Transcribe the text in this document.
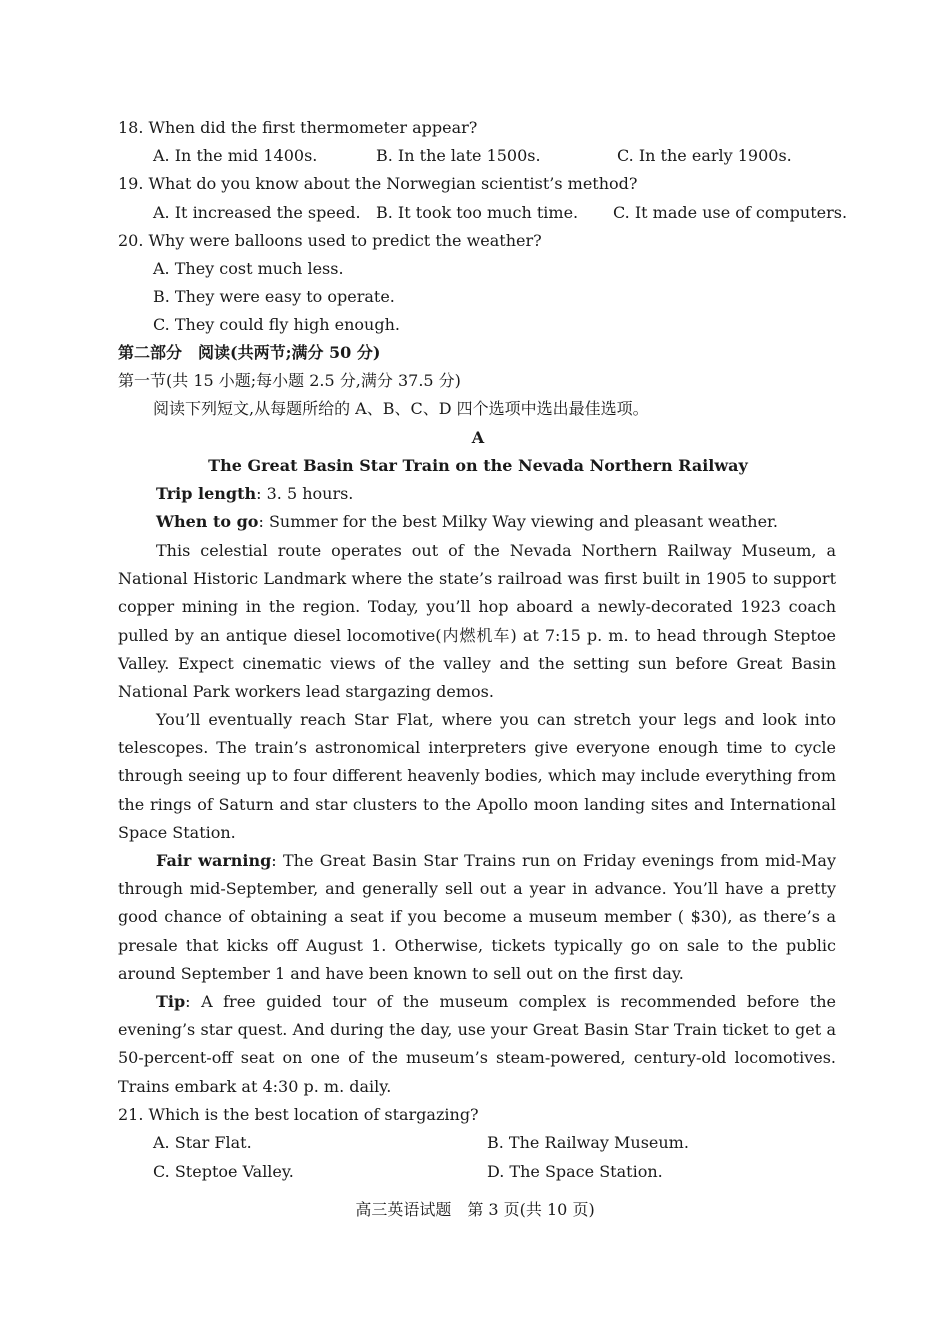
18. When did the first thermometer appear?
A. In the mid 1400s.	B. In the late 1500s.	C. In the early 1900s.
19. What do you know about the Norwegian scientist’s method?
A. It increased the speed. B. It took too much time. C. It made use of computers.
20. Why were balloons used to predict the weather?
A. They cost much less.
B. They were easy to operate.
C. They could fly high enough.
第二部分　阅读(共两节;满分 50 分)
第一节(共 15 小题;每小题 2.5 分,满分 37.5 分)
阅读下列短文,从每题所给的 A、B、C、D 四个选项中选出最佳选项。
A
The Great Basin Star Train on the Nevada Northern Railway
Trip length: 3. 5 hours.
When to go: Summer for the best Milky Way viewing and pleasant weather.
This celestial route operates out of the Nevada Northern Railway Museum, a National Historic Landmark where the state’s railroad was first built in 1905 to support copper mining in the region. Today, you’ll hop aboard a newly-decorated 1923 coach pulled by an antique diesel locomotive(内燃机车) at 7:15 p. m. to head through Steptoe Valley. Expect cinematic views of the valley and the setting sun before Great Basin National Park workers lead stargazing demos.
You’ll eventually reach Star Flat, where you can stretch your legs and look into telescopes. The train’s astronomical interpreters give everyone enough time to cycle through seeing up to four different heavenly bodies, which may include everything from the rings of Saturn and star clusters to the Apollo moon landing sites and International Space Station.
Fair warning: The Great Basin Star Trains run on Friday evenings from mid-May through mid-September, and generally sell out a year in advance. You’ll have a pretty good chance of obtaining a seat if you become a museum member ( $30), as there’s a presale that kicks off August 1. Otherwise, tickets typically go on sale to the public around September 1 and have been known to sell out on the first day.
Tip: A free guided tour of the museum complex is recommended before the evening’s star quest. And during the day, use your Great Basin Star Train ticket to get a 50-percent-off seat on one of the museum’s steam-powered, century-old locomotives. Trains embark at 4:30 p. m. daily.
21. Which is the best location of stargazing?
A. Star Flat.	B. The Railway Museum.
C. Steptoe Valley.	D. The Space Station.
高三英语试题　第 3 页(共 10 页)
